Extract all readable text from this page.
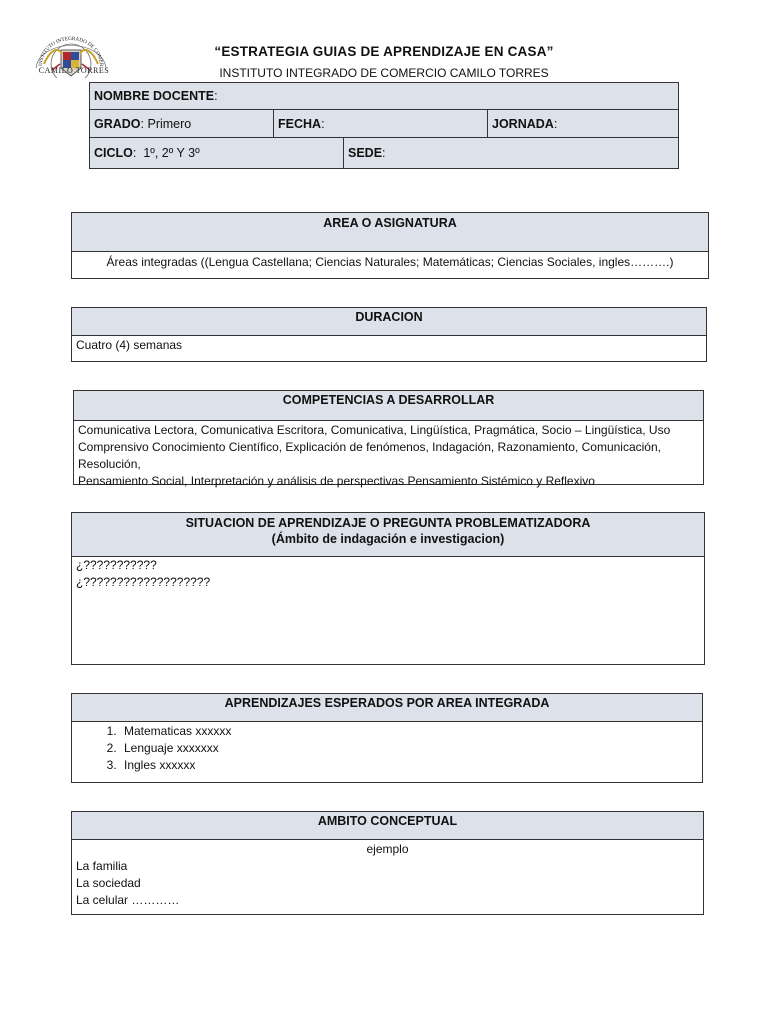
INSTITUTO INTEGRADO DE COMER
CAMILO TORRES
“ESTRATEGIA GUIAS DE APRENDIZAJE EN CASA”
INSTITUTO INTEGRADO DE COMERCIO CAMILO TORRES
NOMBRE DOCENTE :
GRADO : Primero	FECHA :	JORNADA :
CICLO : 1º, 2º Y 3º	SEDE :
AREA O ASIGNATURA
Áreas integradas ((Lengua Castellana; Ciencias Naturales; Matemáticas; Ciencias Sociales, ingles……….)
DURACION
Cuatro (4) semanas
COMPETENCIAS A DESARROLLAR
Comunicativa Lectora, Comunicativa Escritora, Comunicativa, Lingüística, Pragmática, Socio – Lingüística, Uso
Comprensivo Conocimiento Científico, Explicación de fenómenos, Indagación, Razonamiento, Comunicación, Resolución,
Pensamiento Social, Interpretación y análisis de perspectivas Pensamiento Sistémico y Reflexivo
SITUACION DE APRENDIZAJE O PREGUNTA PROBLEMATIZADORA
(Ámbito de indagación e investigacion)
¿???????????
¿???????????????????
APRENDIZAJES ESPERADOS POR AREA INTEGRADA
1. Matematicas xxxxxx
2. Lenguaje xxxxxxx
3. Ingles xxxxxx
AMBITO CONCEPTUAL
ejemplo
La familia
La sociedad
La celular …………
